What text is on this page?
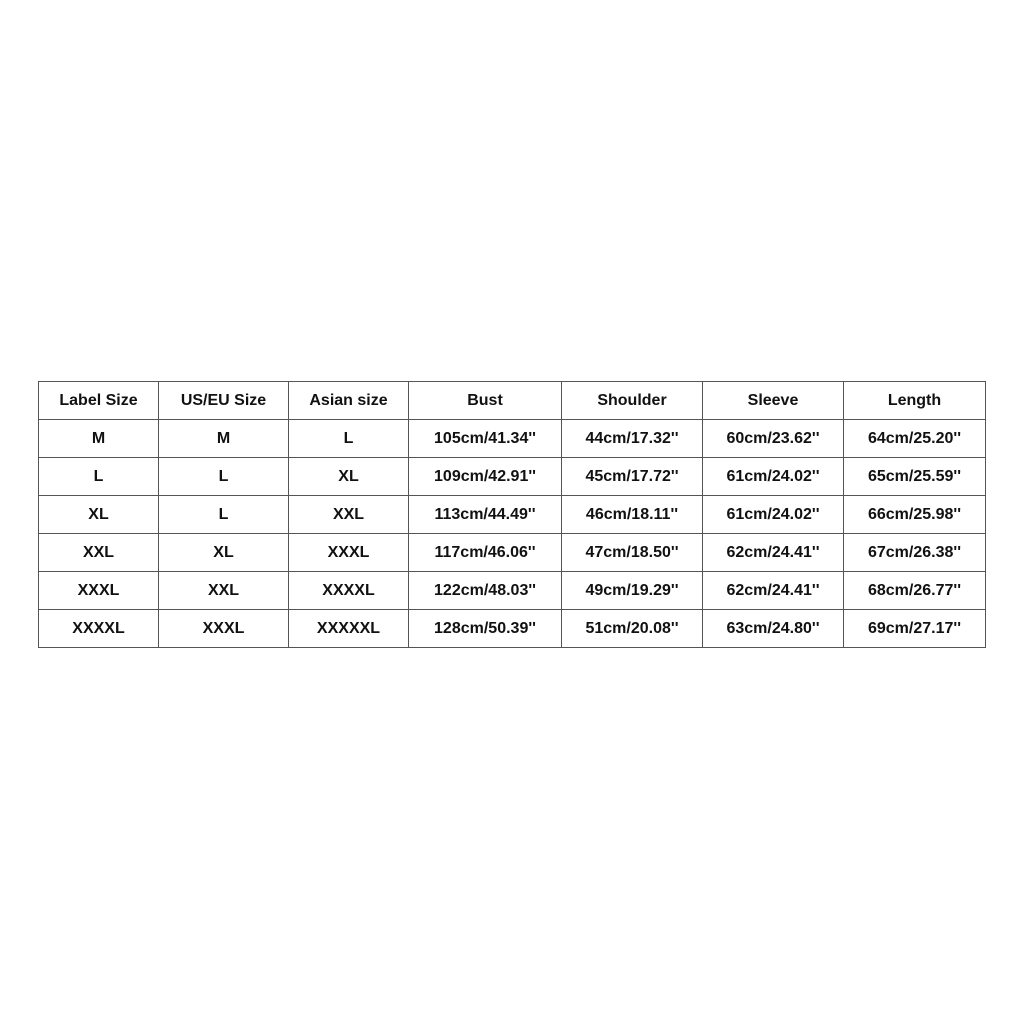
Label Size	US/EU Size	Asian size	Bust	Shoulder	Sleeve	Length
M	M	L	105cm/41.34''	44cm/17.32''	60cm/23.62''	64cm/25.20''
L	L	XL	109cm/42.91''	45cm/17.72''	61cm/24.02''	65cm/25.59''
XL	L	XXL	113cm/44.49''	46cm/18.11''	61cm/24.02''	66cm/25.98''
XXL	XL	XXXL	117cm/46.06''	47cm/18.50''	62cm/24.41''	67cm/26.38''
XXXL	XXL	XXXXL	122cm/48.03''	49cm/19.29''	62cm/24.41''	68cm/26.77''
XXXXL	XXXL	XXXXXL	128cm/50.39''	51cm/20.08''	63cm/24.80''	69cm/27.17''
